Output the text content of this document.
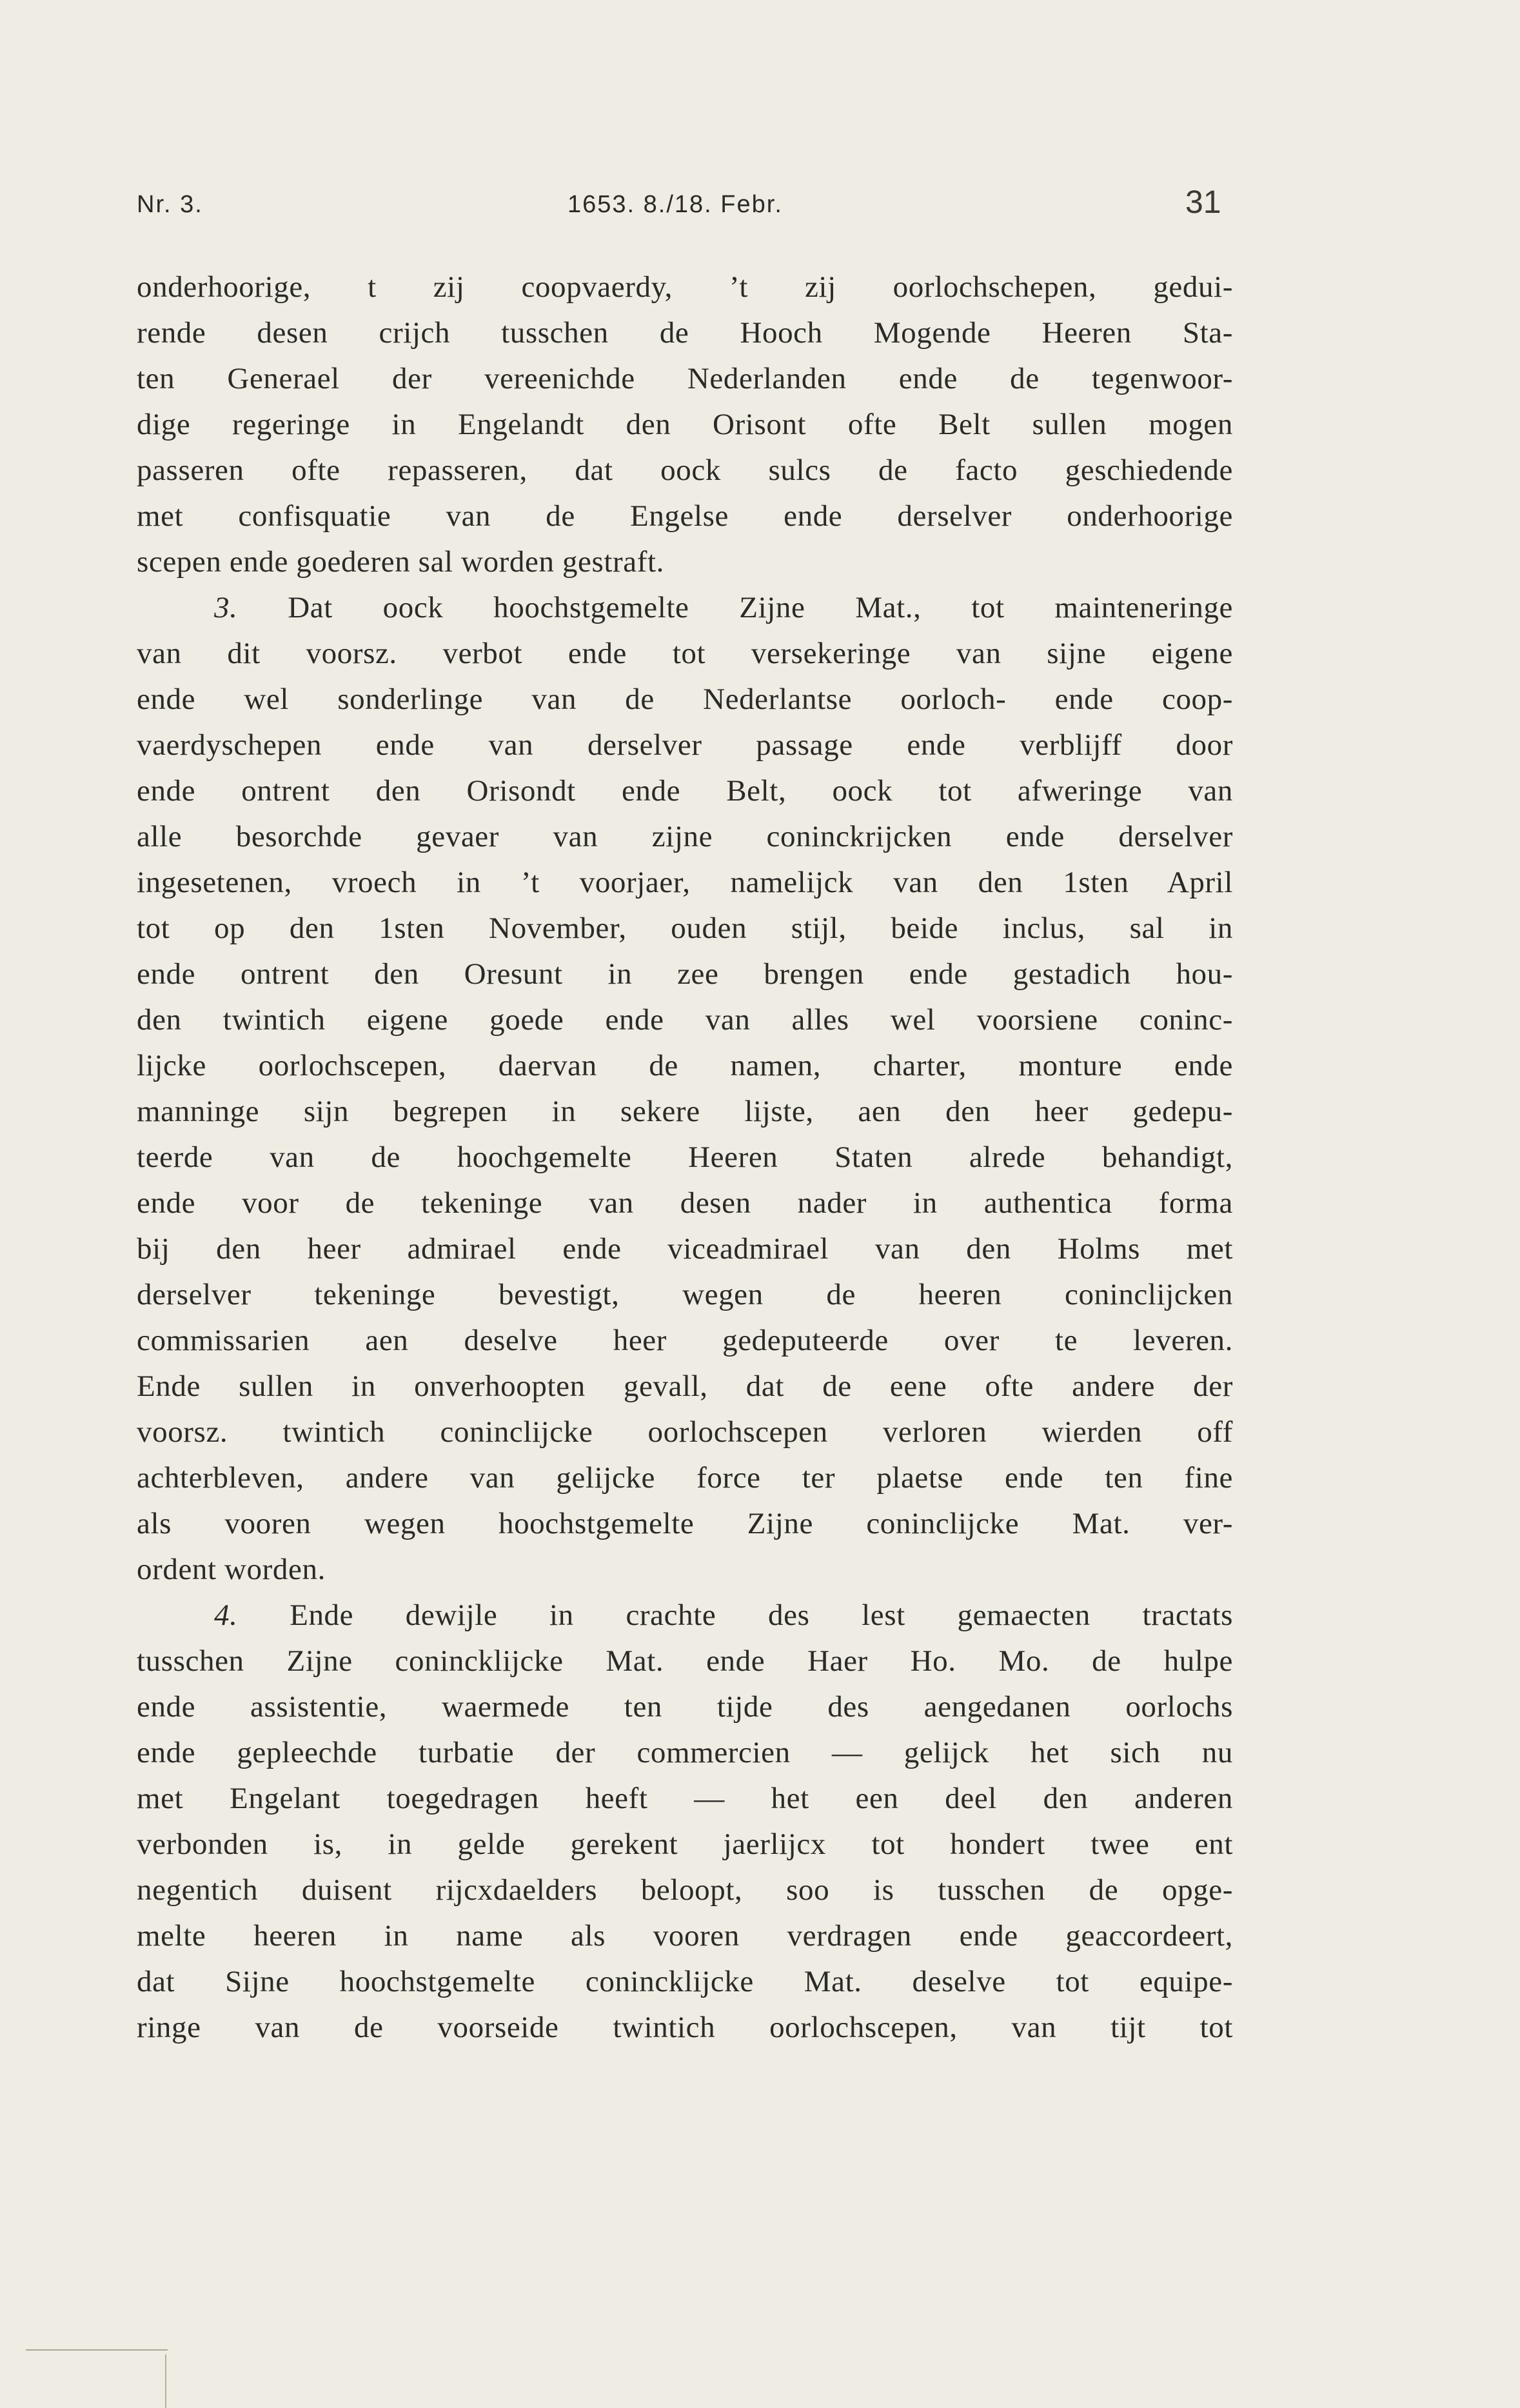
Nr. 3.	1653. 8./18. Febr.	31
onderhoorige, t zij coopvaerdy, ’t zij oorlochschepen, gedui-
rende desen crijch tusschen de Hooch Mogende Heeren Sta-
ten Generael der vereenichde Nederlanden ende de tegenwoor-
dige regeringe in Engelandt den Orisont ofte Belt sullen mogen
passeren ofte repasseren, dat oock sulcs de facto geschiedende
met confisquatie van de Engelse ende derselver onderhoorige
scepen ende goederen sal worden gestraft.
3. Dat oock hoochstgemelte Zijne Mat., tot mainteneringe
van dit voorsz. verbot ende tot versekeringe van sijne eigene
ende wel sonderlinge van de Nederlantse oorloch- ende coop-
vaerdyschepen ende van derselver passage ende verblijff door
ende ontrent den Orisondt ende Belt, oock tot afweringe van
alle besorchde gevaer van zijne coninckrijcken ende derselver
ingesetenen, vroech in ’t voorjaer, namelijck van den 1sten April
tot op den 1sten November, ouden stijl, beide inclus, sal in
ende ontrent den Oresunt in zee brengen ende gestadich hou-
den twintich eigene goede ende van alles wel voorsiene coninc-
lijcke oorlochscepen, daervan de namen, charter, monture ende
manninge sijn begrepen in sekere lijste, aen den heer gedepu-
teerde van de hoochgemelte Heeren Staten alrede behandigt,
ende voor de tekeninge van desen nader in authentica forma
bij den heer admirael ende viceadmirael van den Holms met
derselver tekeninge bevestigt, wegen de heeren coninclijcken
commissarien aen deselve heer gedeputeerde over te leveren.
Ende sullen in onverhoopten gevall, dat de eene ofte andere der
voorsz. twintich coninclijcke oorlochscepen verloren wierden off
achterbleven, andere van gelijcke force ter plaetse ende ten fine
als vooren wegen hoochstgemelte Zijne coninclijcke Mat. ver-
ordent worden.
4. Ende dewijle in crachte des lest gemaecten tractats
tusschen Zijne conincklijcke Mat. ende Haer Ho. Mo. de hulpe
ende assistentie, waermede ten tijde des aengedanen oorlochs
ende gepleechde turbatie der commercien — gelijck het sich nu
met Engelant toegedragen heeft — het een deel den anderen
verbonden is, in gelde gerekent jaerlijcx tot hondert twee ent
negentich duisent rijcxdaelders beloopt, soo is tusschen de opge-
melte heeren in name als vooren verdragen ende geaccordeert,
dat Sijne hoochstgemelte conincklijcke Mat. deselve tot equipe-
ringe van de voorseide twintich oorlochscepen, van tijt tot
